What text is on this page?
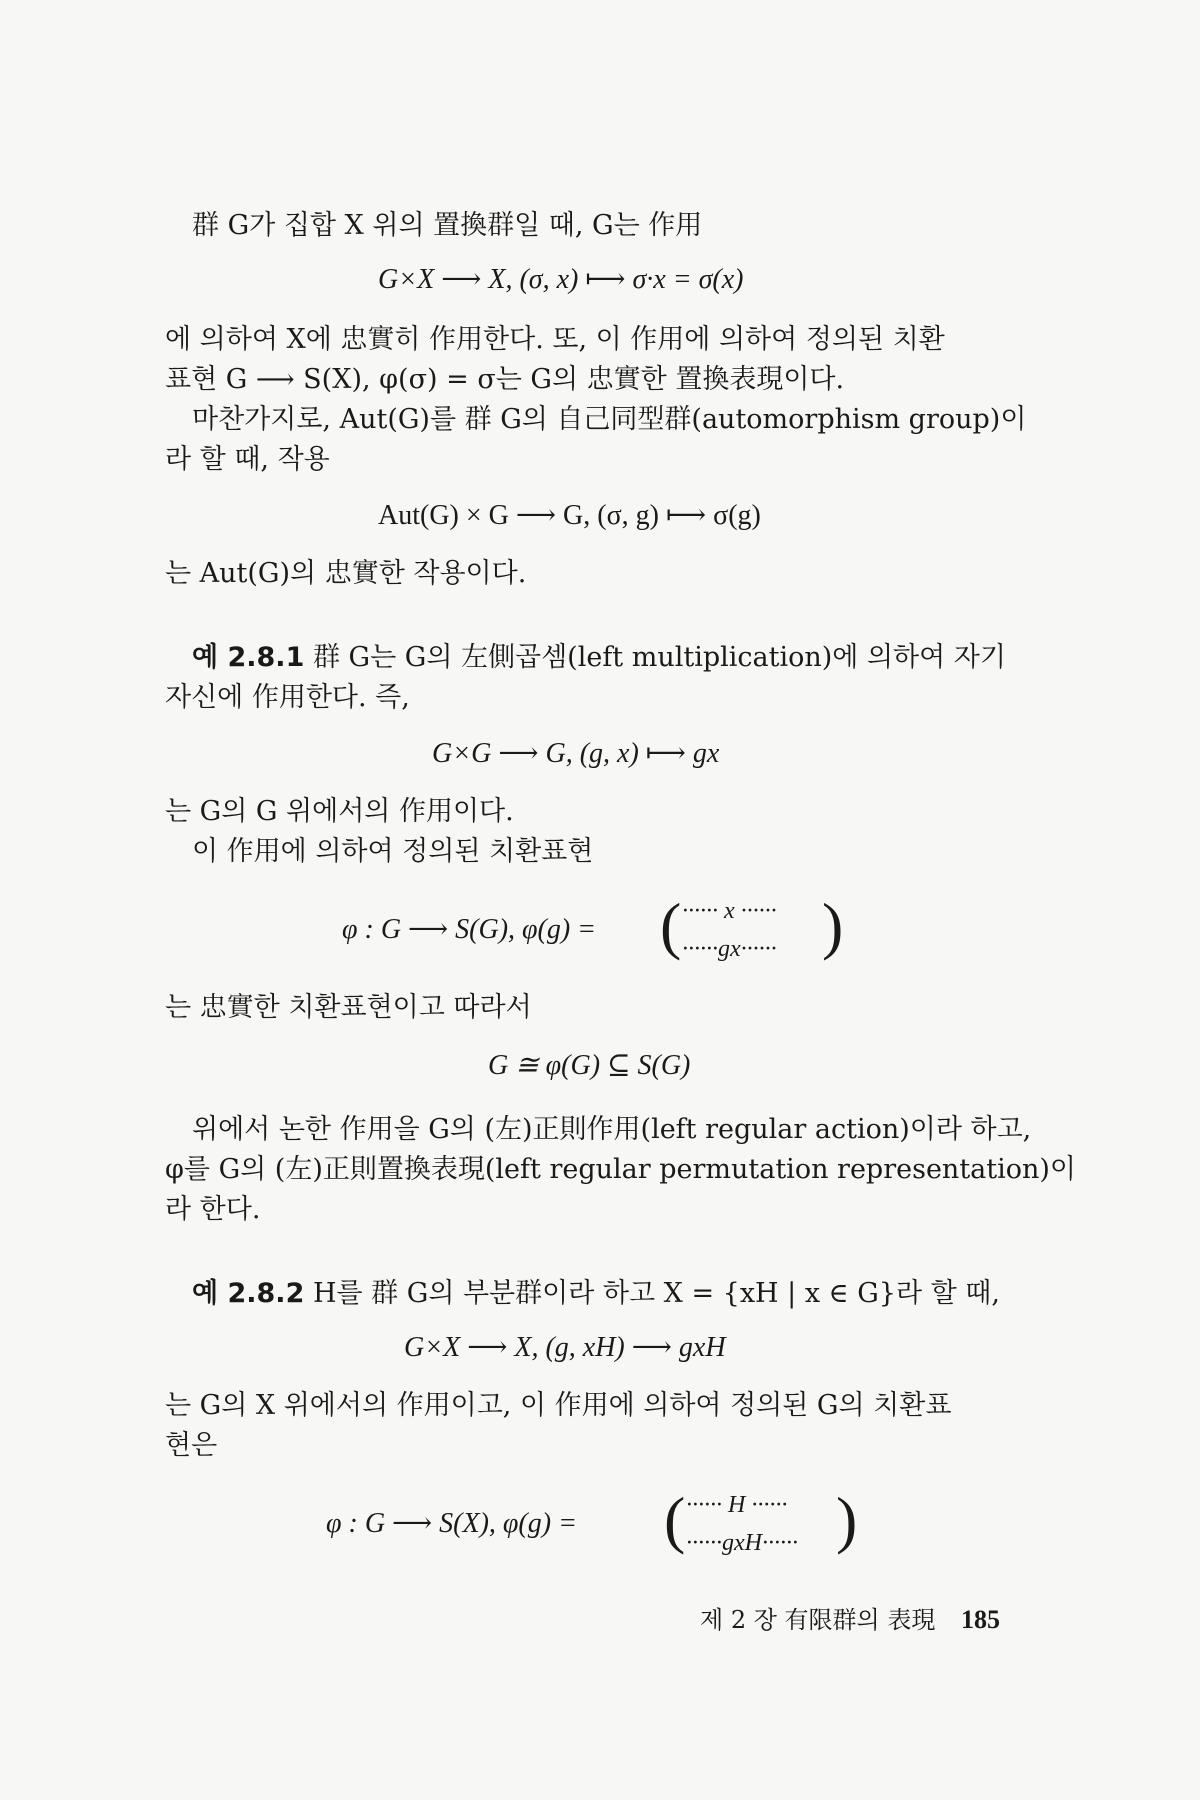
群 G가 집합 X 위의 置換群일 때, G는 作用
G×X ⟶ X, (σ, x) ⟼ σ·x = σ(x)
에 의하여 X에 忠實히 作用한다. 또, 이 作用에 의하여 정의된 치환
표현 G ⟶ S(X), φ(σ) = σ는 G의 忠實한 置換表現이다.
마찬가지로, Aut(G)를 群 G의 自己同型群(automorphism group)이
라 할 때, 작용
Aut(G) × G ⟶ G, (σ, g) ⟼ σ(g)
는 Aut(G)의 忠實한 작용이다.
예 2.8.1 群 G는 G의 左側곱셈(left multiplication)에 의하여 자기
자신에 作用한다. 즉,
G×G ⟶ G, (g, x) ⟼ gx
는 G의 G 위에서의 作用이다.
이 作用에 의하여 정의된 치환표현
φ : G ⟶ S(G), φ(g) = ( ······ x ······
······gx······ )
는 忠實한 치환표현이고 따라서
G ≅ φ(G) ⊆ S(G)
위에서 논한 作用을 G의 (左)正則作用(left regular action)이라 하고,
φ를 G의 (左)正則置換表現(left regular permutation representation)이
라 한다.
예 2.8.2 H를 群 G의 부분群이라 하고 X = {xH | x ∈ G}라 할 때,
G×X ⟶ X, (g, xH) ⟶ gxH
는 G의 X 위에서의 作用이고, 이 作用에 의하여 정의된 G의 치환표
현은
φ : G ⟶ S(X), φ(g) = ( ······ H ······
······gxH······ )
제 2 장 有限群의 表現 185
